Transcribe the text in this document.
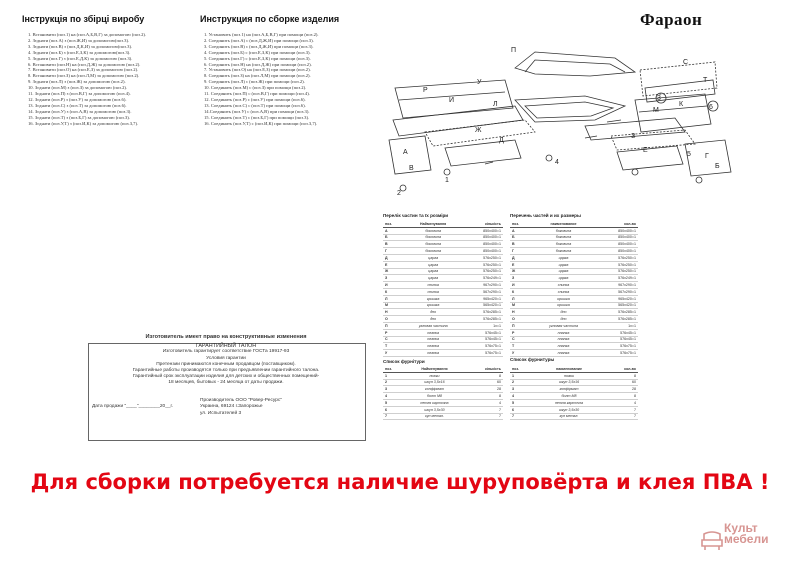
Інструкція по збірці виробу
1. Встановити (поз.1) на (поз.А,Б,В,Г) за допомогою (поз.2).
2. Зєднати (поз.А) з (поз.Ж,И) за допомогою(поз.3).
3. Зєднати (поз.В) з (поз.Д,К,И) за допомогою(поз.3).
4. Зєднати (поз.Б) з (поз.Е,З,К) за допомогою(поз.3).
5. Зєднати (поз.Г) з (поз.Е,Д,К) за допомогою (поз.3).
6. Встановити (поз.Н) на (поз.Д,Ж) за допомогою (поз.2).
7. Встановити (поз.О) на (поз.Е,З) за допомогою (поз.2).
8. Встановити (поз.З) на (поз.Л,М) за допомогою (поз.2).
9. Зєднати (поз.Л) з (поз.Ж) за допомогою (поз.2).
10. Зєднати (поз.М) з (поз.З) за допомогою (поз.2).
11. Зєднати (поз.П) з (поз.В,Г) за допомогою (поз.4).
12. Зєднати (поз.Р) з (поз.У) за допомогою (поз.6).
13. Зєднати (поз.С) з (поз.Т) за допомогою (поз.6).
14. Зєднати (поз.У) з (поз.А,В) за допомогою (поз.3).
15. Зєднати (поз.Т) з (поз.Б,Г) за допомогою (поз.3).
16. Зєднати (поз.У,Т) з (поз.И,К) за допомогою (поз.3,7).
Инструкция по сборке изделия
1. Установить (поз.1) на (поз.А,Б,В,Г) при помощи (поз.2).
2. Соединить (поз.А) с (поз.Д,Ж,И) при помощи (поз.3).
3. Соединить (поз.В) с (поз.Д,Ж,И) при помощи (поз.3).
4. Соединить (поз.Б) с (поз.Е,З,К) при помощи (поз.3).
5. Соединить (поз.Г) с (поз.Е,З,К) при помощи (поз.3).
6. Соединить (поз.Н) на (поз.Д,Ж) при помощи (поз.2).
7. Установить (поз.О) на (поз.Е,З) при помощи (поз.2).
8. Соединить (поз.З) на (поз.Л,М) при помощи (поз.2).
9. Соединить (поз.Л) с (поз.Ж) при помощи (поз.2).
10. Соединить (поз.М) с (поз.З) при помощи (поз.2).
11. Соединить (поз.П) с (поз.В,Г) при помощи (поз.4).
12. Соединить (поз.Р) с (поз.У) при помощи (поз.6).
13. Соединить (поз.С) с (поз.Т) при помощи (поз.6).
14.Соединить (поз.У) с (поз.А,В) при помощи (поз.3).
15. Соединить (поз.Т) с (поз.Б,Г) при помощи (поз.3).
16. Соединить (поз.У,Т) с (поз.И,К) при помощи (поз.3,7).
Фараон
П
С
Т
Р
У
Л
М
И
Ж
Д
З
Е
К
Б
А
Г
В
1
2
3
4
5
6
Перелік частин та їх розміри
поз.	Найменування	кількість
А	боковина	850х400=1
Б	боковина	850х400=1
В	боковина	850х400=1
Г	боковина	850х400=1
Д	царга	576х250=1
Е	царга	576х250=1
Ж	царга	576х250=1
З	царга	576х249=1
И	спинка	967х290=1
К	спинка	567х290=1
Л	кришка	965х420=1
М	кришка	565х420=1
Н	дно	576х285=1
О	дно	576х285=1
П	угловая частина	1х=1
Р	планка	576х45=1
С	планка	576х45=1
Т	планка	576х75=1
У	планка	576х75=1
Перечень частей и их размеры
поз.	наименование	кол-во
А	боковина	850х400=1
Б	боковина	850х400=1
В	боковина	850х400=1
Г	боковина	850х400=1
Д	царга	576х250=1
Е	царга	576х250=1
Ж	царга	576х250=1
З	царга	576х249=1
И	спинка	967х290=1
К	спинка	567х290=1
Л	кришка	965х420=1
М	кришка	565х420=1
Н	дно	576х285=1
О	дно	576х285=1
П	угловая частина	1х=1
Р	планка	576х45=1
С	планка	576х45=1
Т	планка	576х75=1
У	планка	576х75=1
Список фурнітури
поз.	Найменування	кількість
1	ножки	8
2	шкуп 3,5х16	60
3	конфірмат	28
4	болт М8	8
5	петля карточна	4
6	шкуп 3,5х30	7
7	куп метал.	7
Список фурнитуры
поз.	наименование	кол-во
1	ножки	8
2	шкуп 3,5х16	60
3	конфірмат	28
4	болт М8	8
5	петля карточна	4
6	шкуп 3,5х30	7
7	куп метал.	7
Изготовитель имеет право на конструктивные изменения
ГАРАНТИЙНЫЙ ТАЛОН
Изготовитель гарантирует соответствие ГОСТа 19917-93
Условия гарантии
Претензии принимаются конечным продавцом (поставщиком).
Гарантийные работы производятся только при предъявлении гарантийного талона.
Гарантийный срок эксплуатации изделия для детских и общественных помещений-
18 месяцев, бытовых - 24 месяца от даты продажи.
Дата продажи "____"________20__г.
Производитель ООО "Ровер-Ресурс"
Украина, 69124 г.Запорожье
ул. Испытателей 3
Для сборки потребуется наличие шуруповёрта и клея ПВА !
Культ
мебели
